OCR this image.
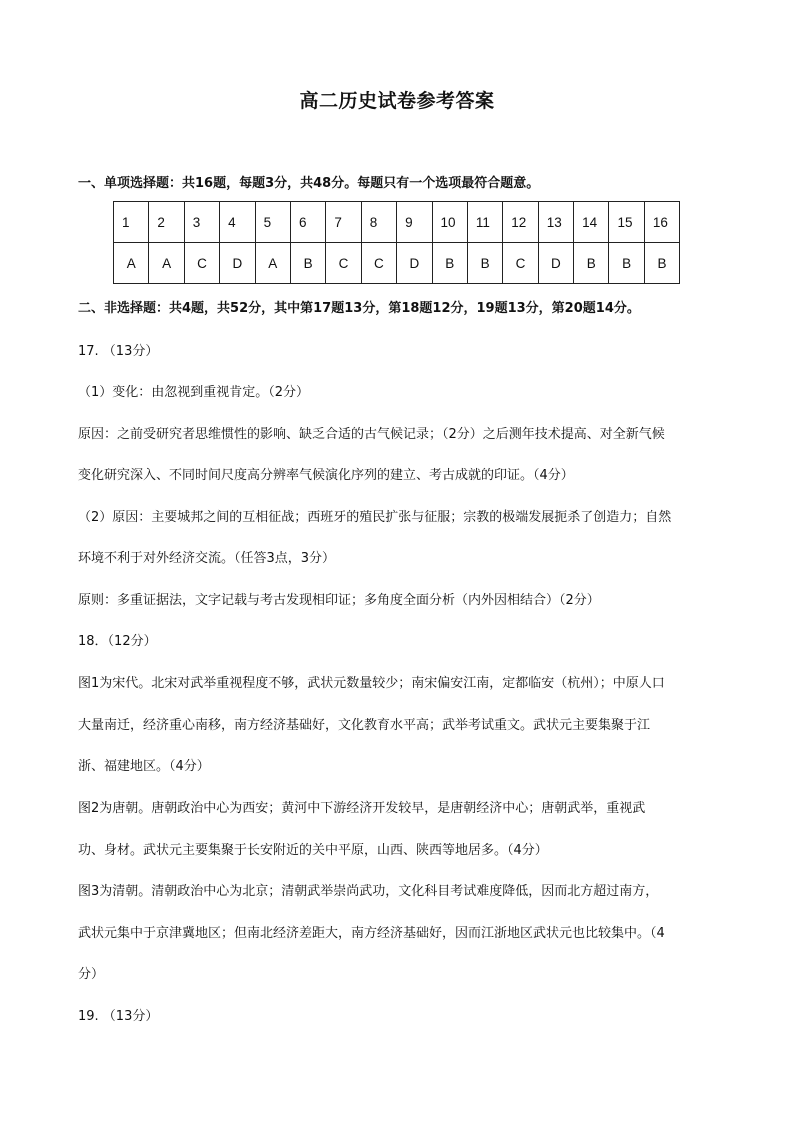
高二历史试卷参考答案
一、单项选择题：共16题，每题3分，共48分。每题只有一个选项最符合题意。
1	2	3	4	5	6	7	8	9	10	11	12	13	14	15	16
A	A	C	D	A	B	C	C	D	B	B	C	D	B	B	B
二、非选择题：共4题，共52分，其中第17题13分，第18题12分，19题13分，第20题14分。
17. （13分）
（1）变化：由忽视到重视肯定。（2分）
原因：之前受研究者思维惯性的影响、缺乏合适的古气候记录；（2分）之后测年技术提高、对全新气候
变化研究深入、不同时间尺度高分辨率气候演化序列的建立、考古成就的印证。（4分）
（2）原因：主要城邦之间的互相征战；西班牙的殖民扩张与征服；宗教的极端发展扼杀了创造力；自然
环境不利于对外经济交流。（任答3点，3分）
原则：多重证据法，文字记载与考古发现相印证；多角度全面分析（内外因相结合）（2分）
18．（12分）
图1为宋代。北宋对武举重视程度不够，武状元数量较少；南宋偏安江南，定都临安（杭州）；中原人口
大量南迁，经济重心南移，南方经济基础好，文化教育水平高；武举考试重文。武状元主要集聚于江
浙、福建地区。（4分）
图2为唐朝。唐朝政治中心为西安；黄河中下游经济开发较早，是唐朝经济中心；唐朝武举，重视武
功、身材。武状元主要集聚于长安附近的关中平原，山西、陕西等地居多。（4分）
图3为清朝。清朝政治中心为北京；清朝武举崇尚武功，文化科目考试难度降低，因而北方超过南方，
武状元集中于京津冀地区；但南北经济差距大，南方经济基础好，因而江浙地区武状元也比较集中。（4
分）
19. （13分）
